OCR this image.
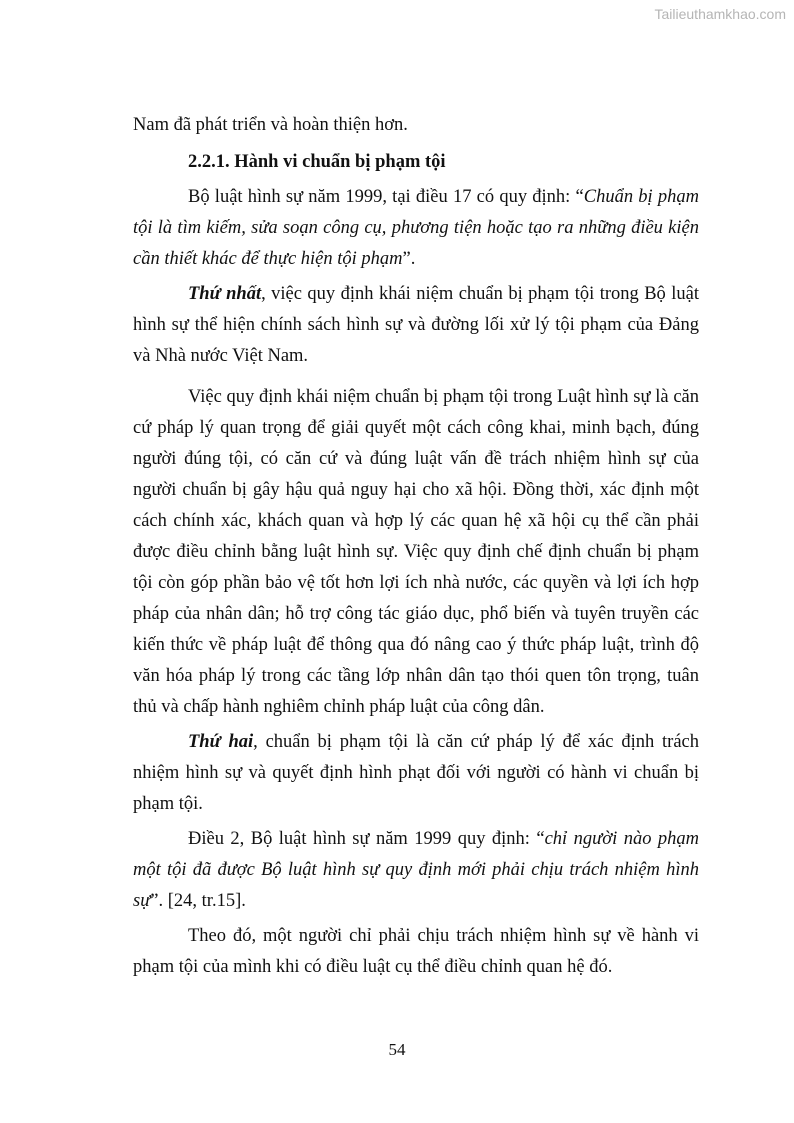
Tailieuthamkhao.com

Nam đã phát triển và hoàn thiện hơn.

2.2.1. Hành vi chuẩn bị phạm tội

Bộ luật hình sự năm 1999, tại điều 17 có quy định: “Chuẩn bị phạm tội là tìm kiếm, sửa soạn công cụ, phương tiện hoặc tạo ra những điều kiện cần thiết khác để thực hiện tội phạm”.

Thứ nhất, việc quy định khái niệm chuẩn bị phạm tội trong Bộ luật hình sự thể hiện chính sách hình sự và đường lối xử lý tội phạm của Đảng và Nhà nước Việt Nam.

Việc quy định khái niệm chuẩn bị phạm tội trong Luật hình sự là căn cứ pháp lý quan trọng để giải quyết một cách công khai, minh bạch, đúng người đúng tội, có căn cứ và đúng luật vấn đề trách nhiệm hình sự của người chuẩn bị gây hậu quả nguy hại cho xã hội. Đồng thời, xác định một cách chính xác, khách quan và hợp lý các quan hệ xã hội cụ thể cần phải được điều chỉnh bằng luật hình sự. Việc quy định chế định chuẩn bị phạm tội còn góp phần bảo vệ tốt hơn lợi ích nhà nước, các quyền và lợi ích hợp pháp của nhân dân; hỗ trợ công tác giáo dục, phổ biến và tuyên truyền các kiến thức về pháp luật để thông qua đó nâng cao ý thức pháp luật, trình độ văn hóa pháp lý trong các tầng lớp nhân dân tạo thói quen tôn trọng, tuân thủ và chấp hành nghiêm chỉnh pháp luật của công dân.

Thứ hai, chuẩn bị phạm tội là căn cứ pháp lý để xác định trách nhiệm hình sự và quyết định hình phạt đối với người có hành vi chuẩn bị phạm tội.

Điều 2, Bộ luật hình sự năm 1999 quy định: “chỉ người nào phạm một tội đã được Bộ luật hình sự quy định mới phải chịu trách nhiệm hình sự”. [24, tr.15].

Theo đó, một người chỉ phải chịu trách nhiệm hình sự về hành vi phạm tội của mình khi có điều luật cụ thể điều chỉnh quan hệ đó.

54
